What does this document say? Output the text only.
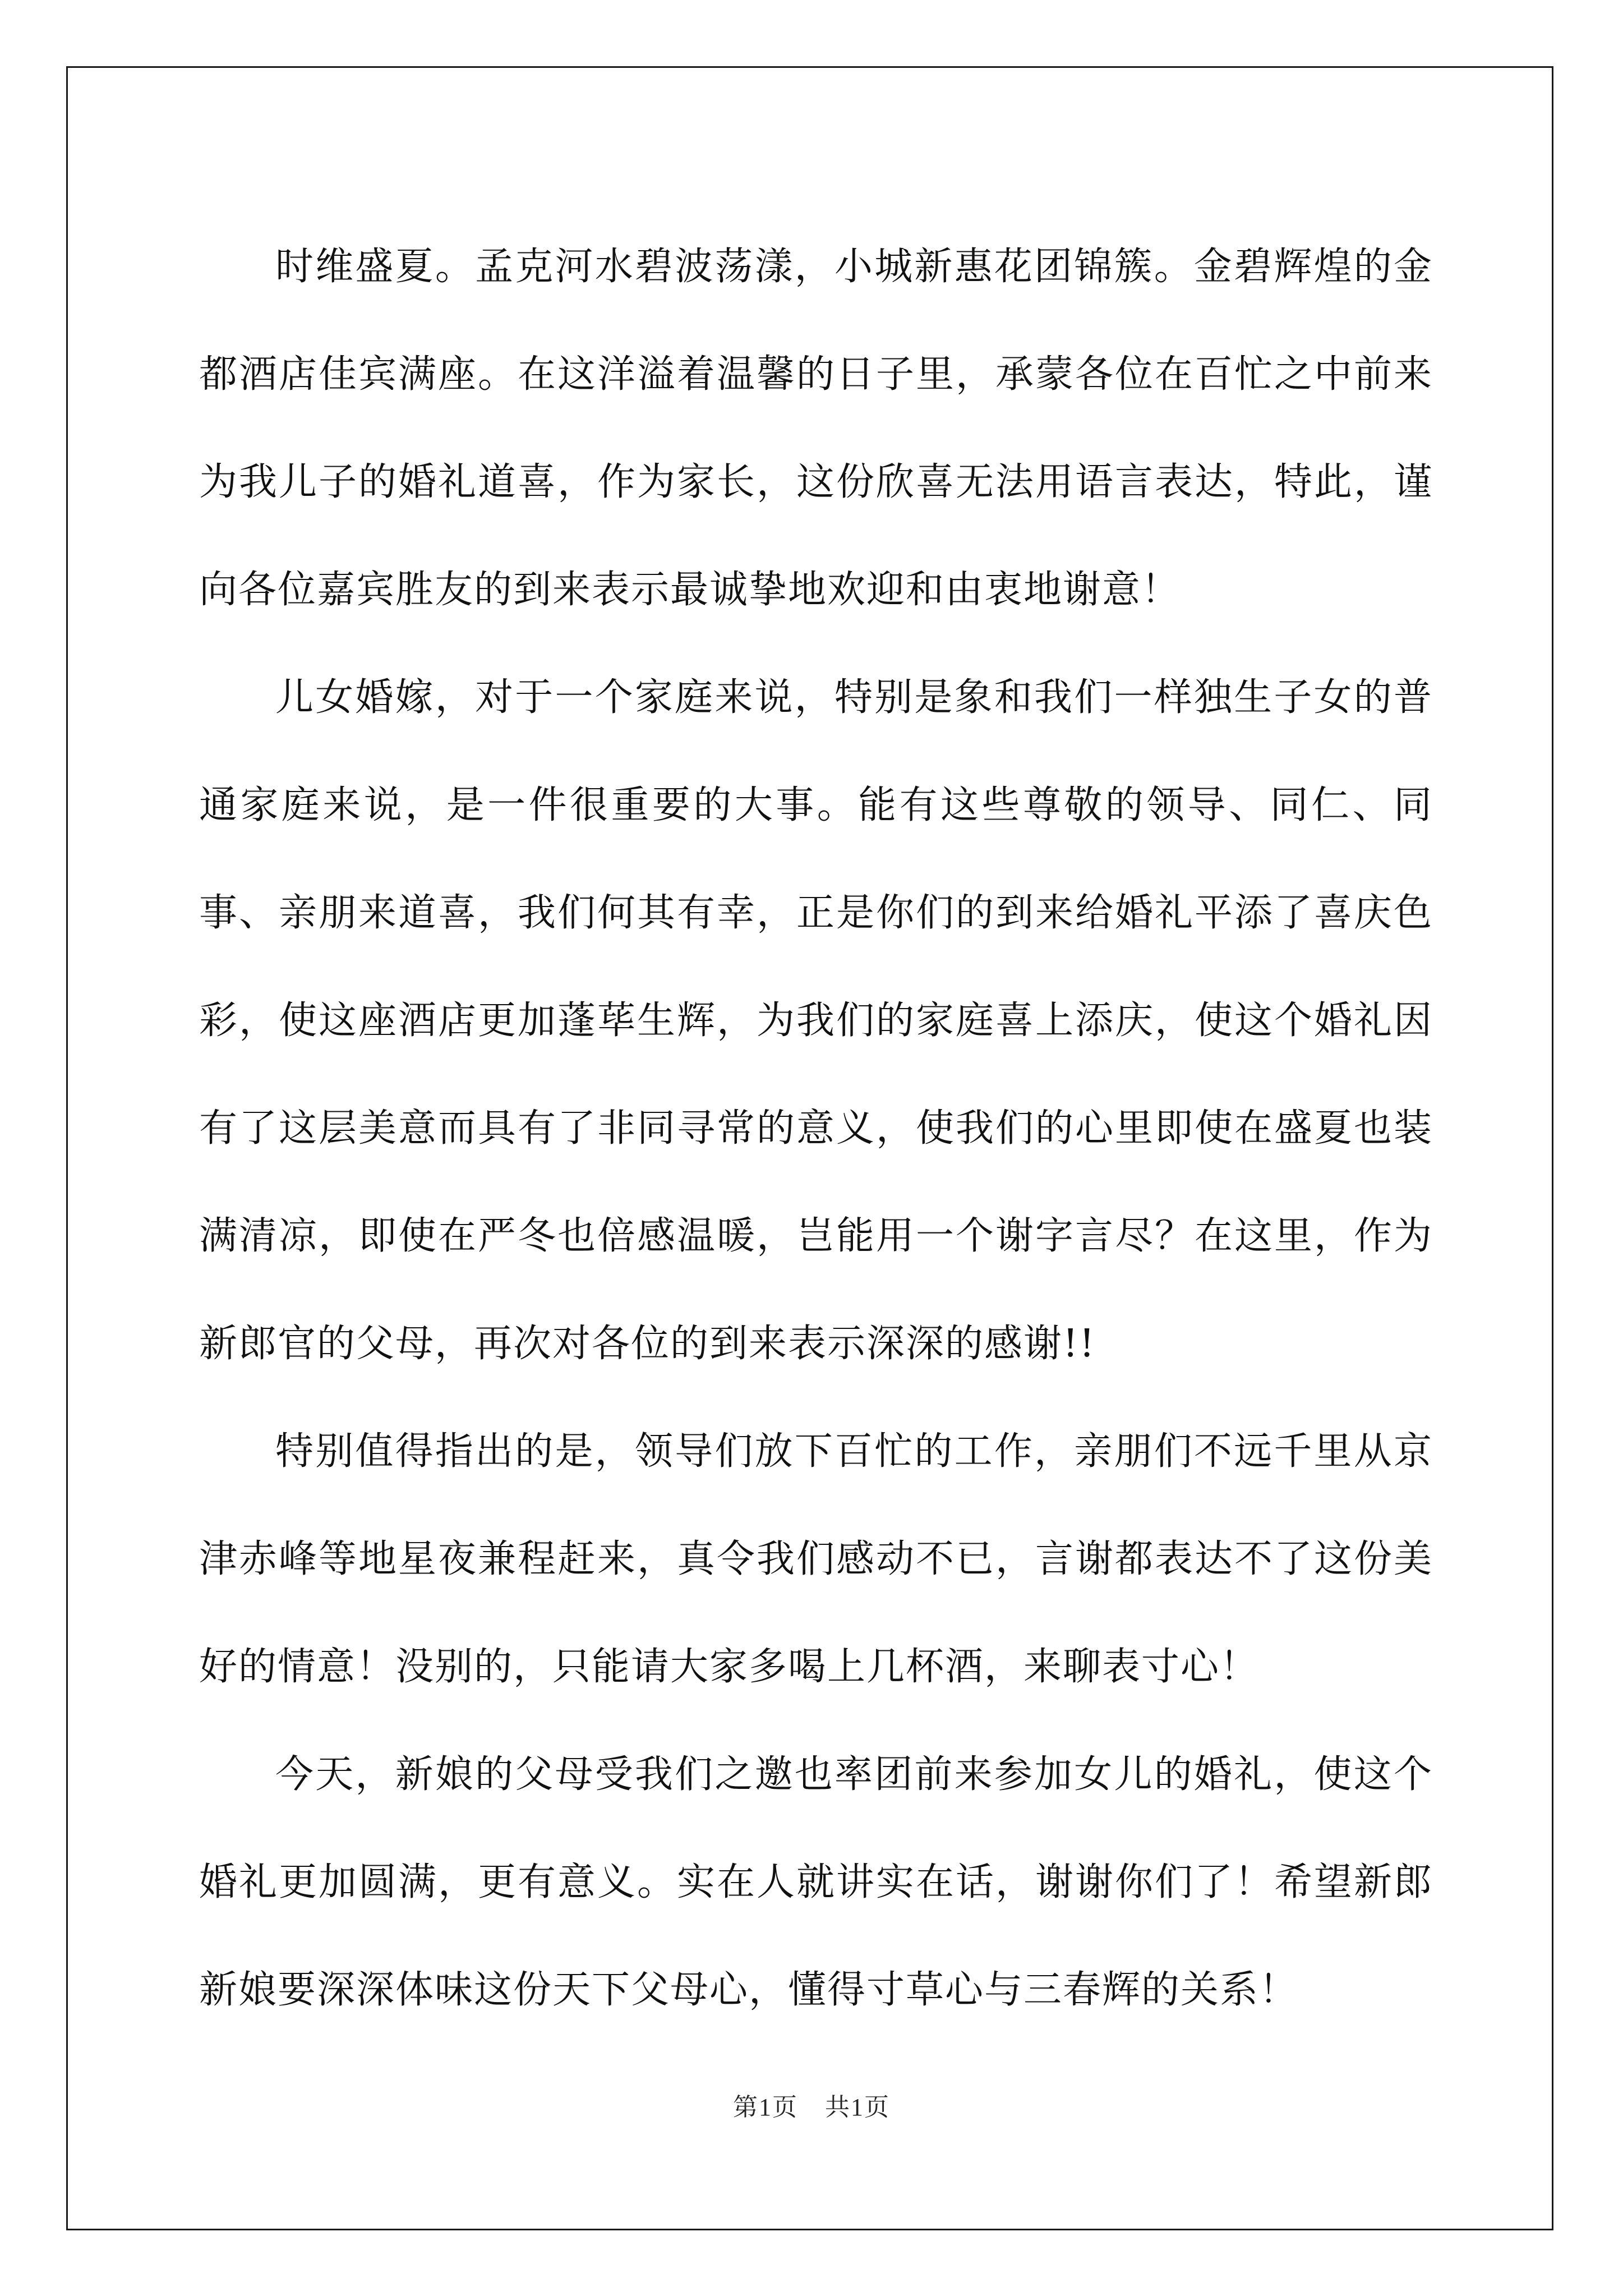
时维盛夏。孟克河水碧波荡漾，小城新惠花团锦簇。金碧辉煌的金都酒店佳宾满座。在这洋溢着温馨的日子里，承蒙各位在百忙之中前来为我儿子的婚礼道喜，作为家长，这份欣喜无法用语言表达，特此，谨向各位嘉宾胜友的到来表示最诚挚地欢迎和由衷地谢意！

儿女婚嫁，对于一个家庭来说，特别是象和我们一样独生子女的普通家庭来说，是一件很重要的大事。能有这些尊敬的领导、同仁、同事、亲朋来道喜，我们何其有幸，正是你们的到来给婚礼平添了喜庆色彩，使这座酒店更加蓬荜生辉，为我们的家庭喜上添庆，使这个婚礼因有了这层美意而具有了非同寻常的意义，使我们的心里即使在盛夏也装满清凉，即使在严冬也倍感温暖，岂能用一个谢字言尽？在这里，作为新郎官的父母，再次对各位的到来表示深深的感谢!!

特别值得指出的是，领导们放下百忙的工作，亲朋们不远千里从京津赤峰等地星夜兼程赶来，真令我们感动不已，言谢都表达不了这份美好的情意！没别的，只能请大家多喝上几杯酒，来聊表寸心！

今天，新娘的父母受我们之邀也率团前来参加女儿的婚礼，使这个婚礼更加圆满，更有意义。实在人就讲实在话，谢谢你们了！希望新郎新娘要深深体味这份天下父母心，懂得寸草心与三春辉的关系！

第1页 共1页
